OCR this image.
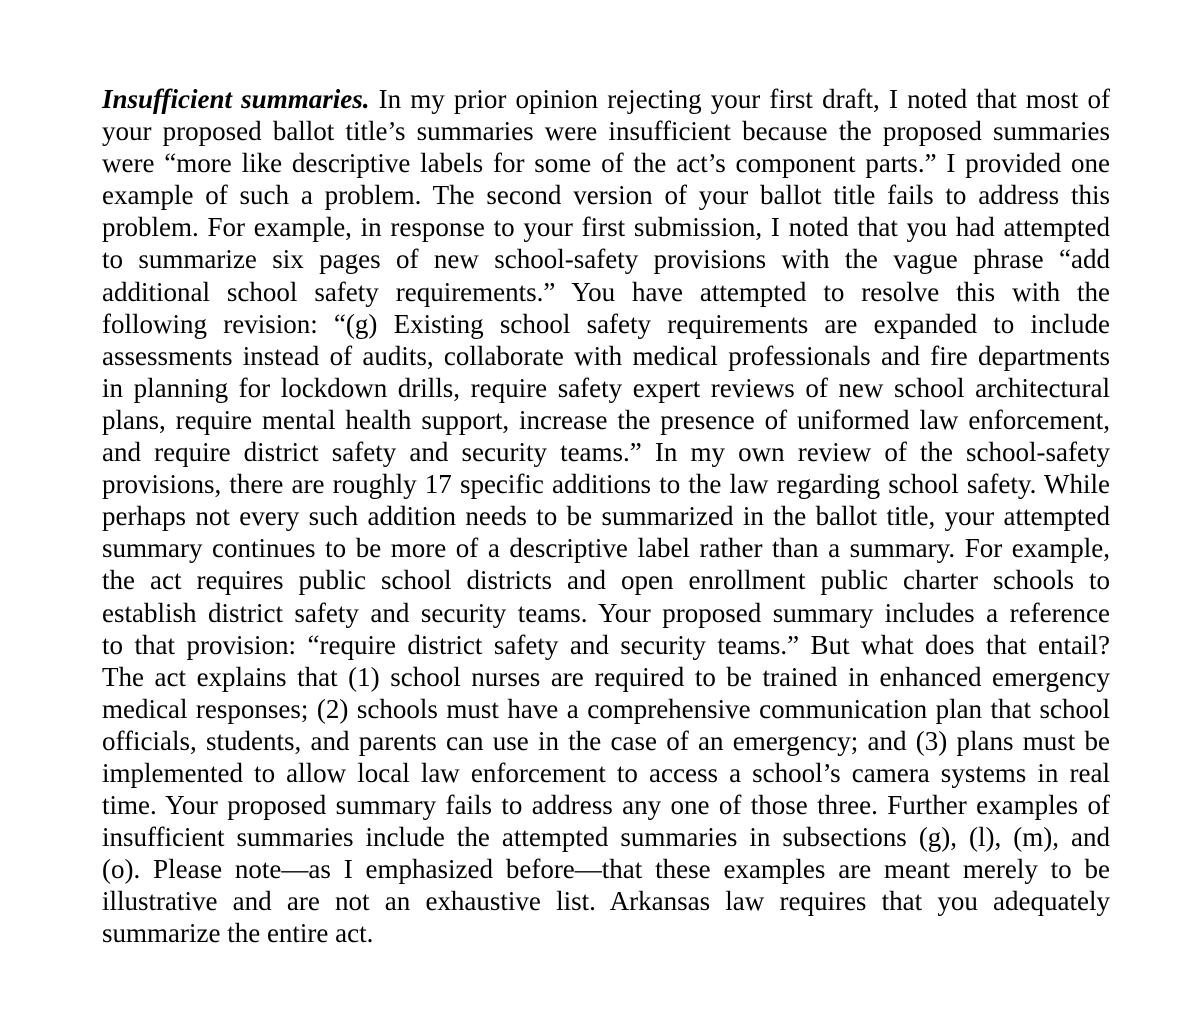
Insufficient summaries. In my prior opinion rejecting your first draft, I noted that most of
your proposed ballot title’s summaries were insufficient because the proposed summaries
were “more like descriptive labels for some of the act’s component parts.” I provided one
example of such a problem. The second version of your ballot title fails to address this
problem. For example, in response to your first submission, I noted that you had attempted
to summarize six pages of new school-safety provisions with the vague phrase “add
additional school safety requirements.” You have attempted to resolve this with the
following revision: “(g) Existing school safety requirements are expanded to include
assessments instead of audits, collaborate with medical professionals and fire departments
in planning for lockdown drills, require safety expert reviews of new school architectural
plans, require mental health support, increase the presence of uniformed law enforcement,
and require district safety and security teams.” In my own review of the school-safety
provisions, there are roughly 17 specific additions to the law regarding school safety. While
perhaps not every such addition needs to be summarized in the ballot title, your attempted
summary continues to be more of a descriptive label rather than a summary. For example,
the act requires public school districts and open enrollment public charter schools to
establish district safety and security teams. Your proposed summary includes a reference
to that provision: “require district safety and security teams.” But what does that entail?
The act explains that (1) school nurses are required to be trained in enhanced emergency
medical responses; (2) schools must have a comprehensive communication plan that school
officials, students, and parents can use in the case of an emergency; and (3) plans must be
implemented to allow local law enforcement to access a school’s camera systems in real
time. Your proposed summary fails to address any one of those three. Further examples of
insufficient summaries include the attempted summaries in subsections (g), (l), (m), and
(o). Please note—as I emphasized before—that these examples are meant merely to be
illustrative and are not an exhaustive list. Arkansas law requires that you adequately
summarize the entire act.
